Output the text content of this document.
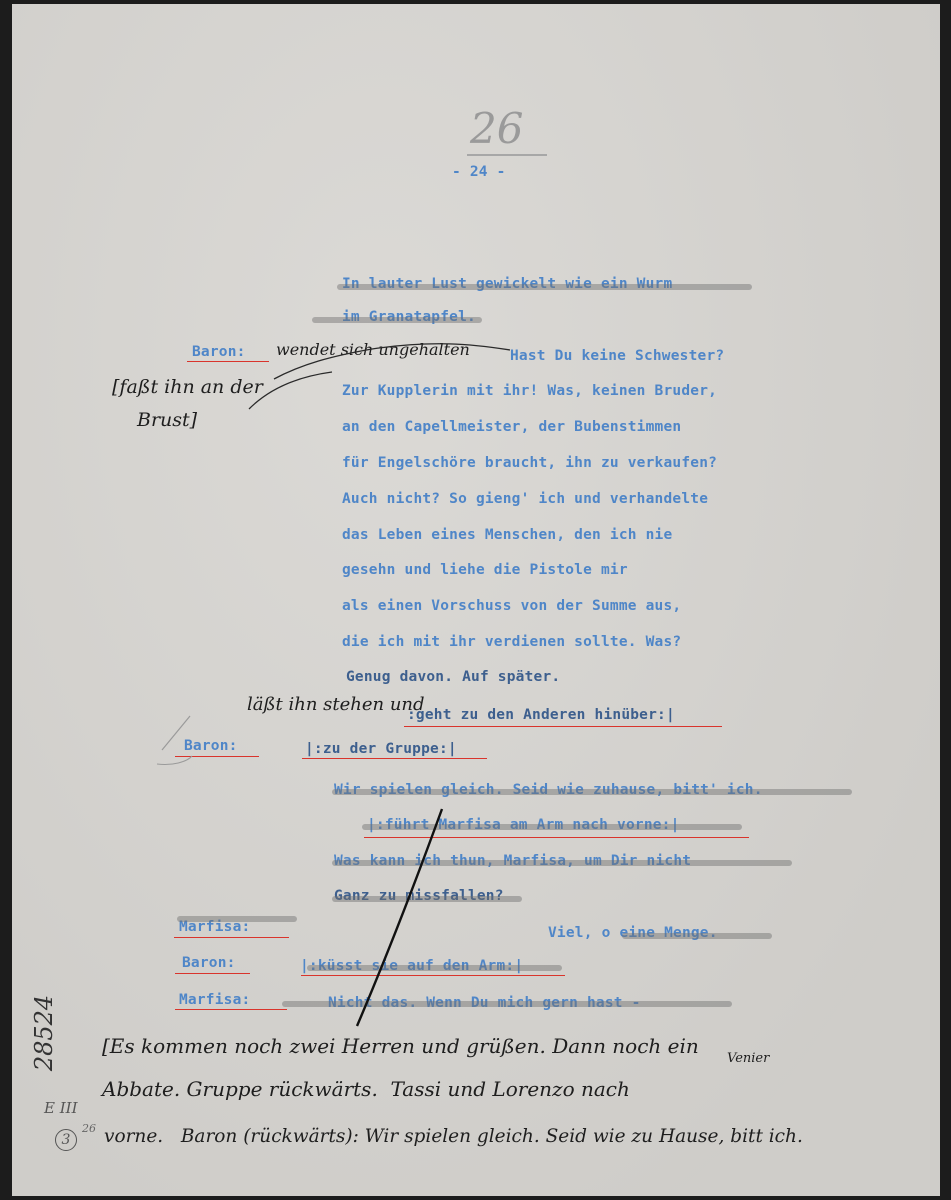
26
- 24 -
In lauter Lust gewickelt wie ein Wurm
im Granatapfel.
Hast Du keine Schwester?
Zur Kupplerin mit ihr! Was, keinen Bruder,
an den Capellmeister, der Bubenstimmen
für Engelschöre braucht, ihn zu verkaufen?
Auch nicht? So gieng' ich und verhandelte
das Leben eines Menschen, den ich nie
gesehn und liehe die Pistole mir
als einen Vorschuss von der Summe aus,
die ich mit ihr verdienen sollte. Was?
Genug davon. Auf später.
:geht zu den Anderen hinüber:|
|:zu der Gruppe:|
Wir spielen gleich. Seid wie zuhause, bitt' ich.
|:führt Marfisa am Arm nach vorne:|
Was kann ich thun, Marfisa, um Dir nicht
Ganz zu missfallen?
Viel, o eine Menge.
|:küsst sie auf den Arm:|
Nicht das. Wenn Du mich gern hast -
Baron:
Baron:
Marfisa:
Baron:
Marfisa:
wendet sich ungehalten
[faßt ihn an der
Brust]
läßt ihn stehen und
[Es kommen noch zwei Herren und grüßen. Dann noch ein
Venier
Abbate. Gruppe rückwärts.  Tassi und Lorenzo nach
vorne.   Baron (rückwärts): Wir spielen gleich. Seid wie zu Hause, bitt ich.
28524
E III
3
26
